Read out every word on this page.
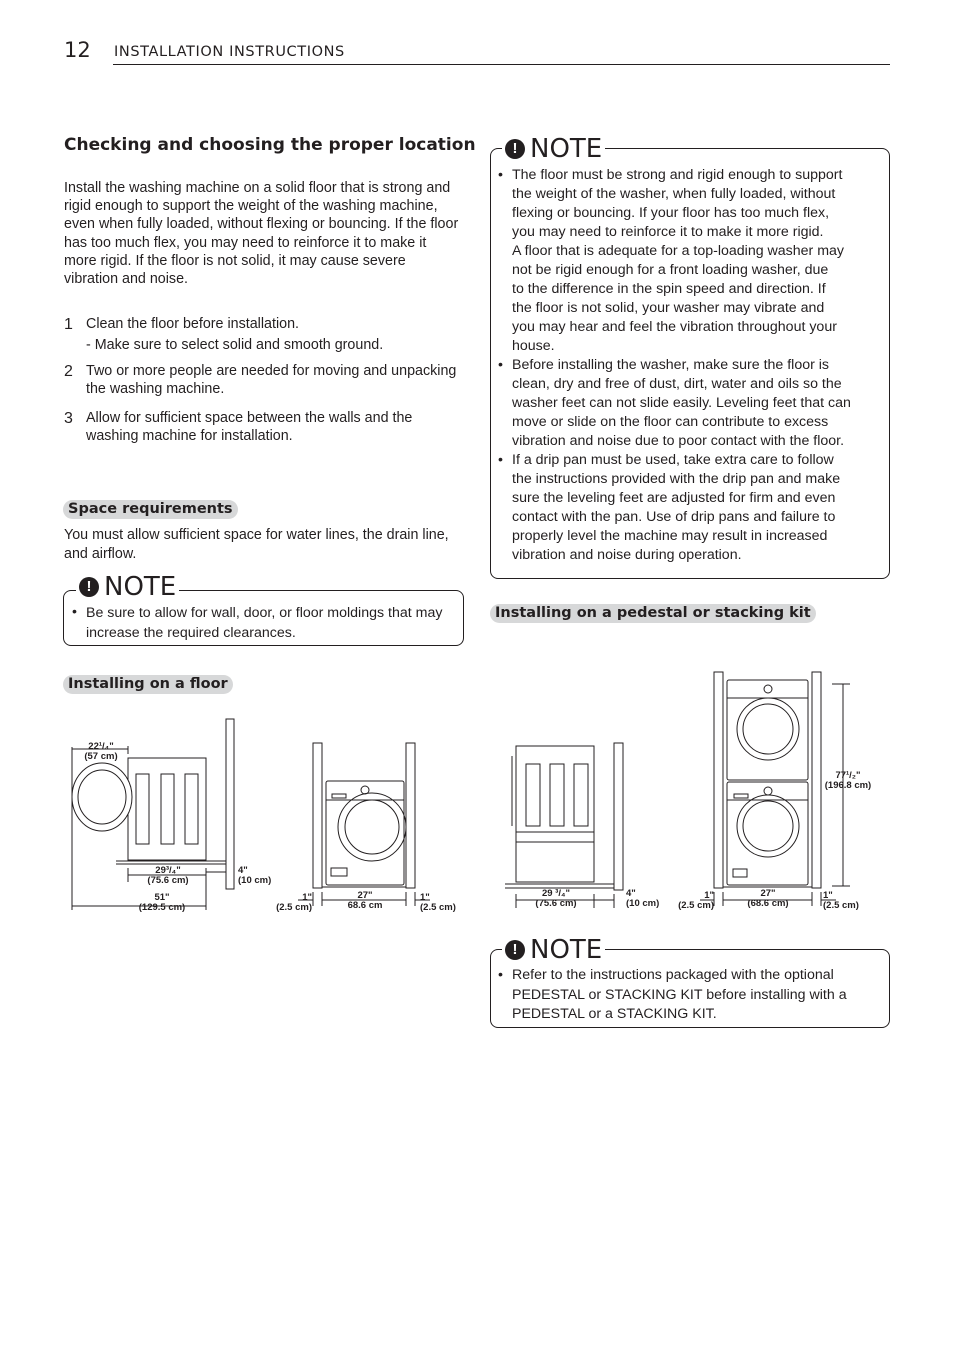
12 INSTALLATION INSTRUCTIONS
Checking and choosing the proper location

Install the washing machine on a solid floor that is strong and rigid enough to support the weight of the washing machine, even when fully loaded, without flexing or bouncing. If the floor has too much flex, you may need to reinforce it to make it more rigid. If the floor is not solid, it may cause severe vibration and noise.

1 Clean the floor before installation.
- Make sure to select solid and smooth ground.
2 Two or more people are needed for moving and unpacking the washing machine.
3 Allow for sufficient space between the walls and the washing machine for installation.
Space requirements
You must allow sufficient space for water lines, the drain line, and airflow.
! NOTE
• Be sure to allow for wall, door, or floor moldings that may increase the required clearances.
! NOTE
• The floor must be strong and rigid enough to support
the weight of the washer, when fully loaded, without
flexing or bouncing. If your floor has too much flex,
you may need to reinforce it to make it more rigid.
A floor that is adequate for a top-loading washer may
not be rigid enough for a front loading washer, due
to the difference in the spin speed and direction. If
the floor is not solid, your washer may vibrate and
you may hear and feel the vibration throughout your
house.
• Before installing the washer, make sure the floor is
clean, dry and free of dust, dirt, water and oils so the
washer feet can not slide easily. Leveling feet that can
move or slide on the floor can contribute to excess
vibration and noise due to poor contact with the floor.
• If a drip pan must be used, take extra care to follow
the instructions provided with the drip pan and make
sure the leveling feet are adjusted for firm and even
contact with the pan. Use of drip pans and failure to
properly level the machine may result in increased
vibration and noise during operation.
Installing on a pedestal or stacking kit
Installing on a floor
22¹/₄"
(57 cm)
29³/₄"
(75.6 cm)
4"
(10 cm)
51"
(129.5 cm)
1"
(2.5 cm)
27"
68.6 cm
1"
(2.5 cm)
29 ³/₄"
(75.6 cm)
4"
(10 cm)
1"
(2.5 cm)
27"
(68.6 cm)
1"
(2.5 cm)
77¹/₂"
(196.8 cm)
! NOTE
• Refer to the instructions packaged with the optional PEDESTAL or STACKING KIT before installing with a PEDESTAL or a STACKING KIT.
